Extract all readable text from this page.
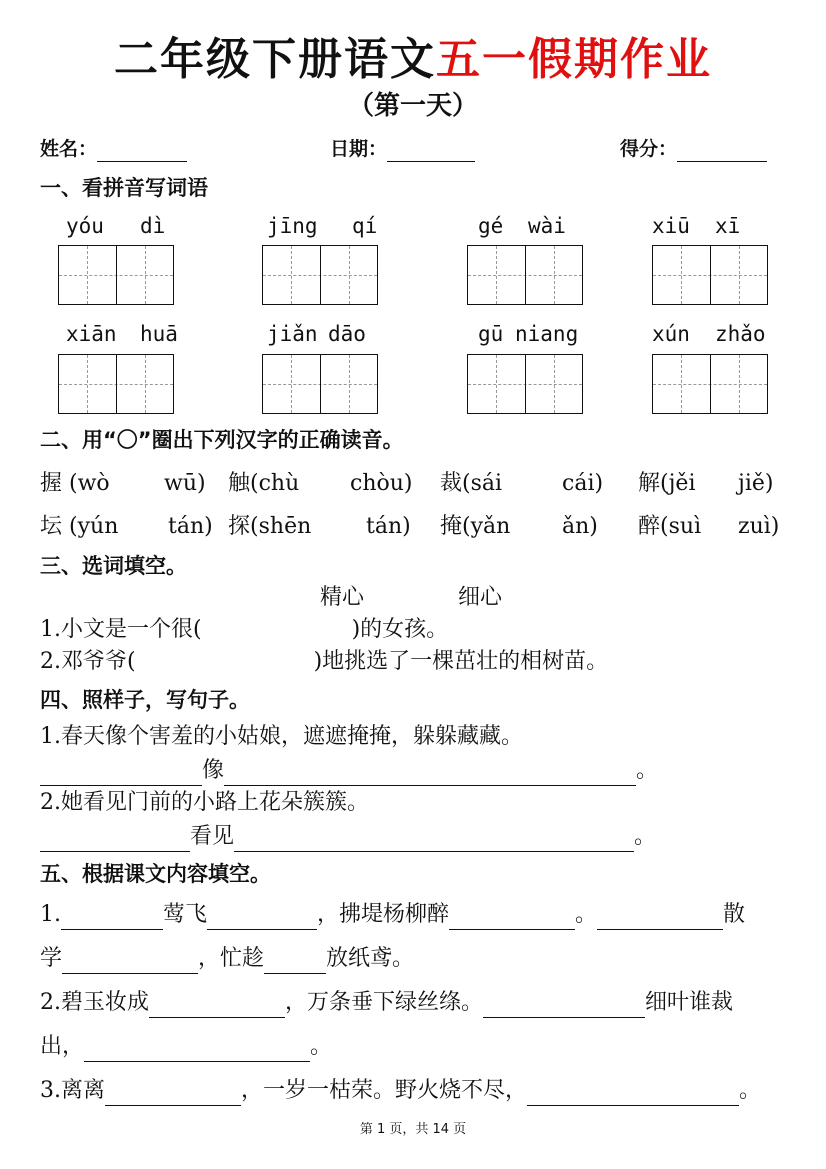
二年级下册语文五一假期作业
（第一天）
姓名：	日期：	得分：
一、看拼音写词语
yóu dì	jīng qí	gé wài	xiū xī
xiān huā	jiǎn dāo	gū niang	xún zhǎo
二、用“〇”圈出下列汉字的正确读音。
握 (wò wū) 触(chù chòu) 裁(sái	cái) 解(jěi jiě)
坛 (yún tán) 探(shēn tán) 掩(yǎn ǎn) 醉(suì zuì)
三、选词填空。
精心	细心
1.小文是一个很(	)的女孩。
2.邓爷爷(	)地挑选了一棵茁壮的相树苗。
四、照样子，写句子。
1.春天像个害羞的小姑娘，遮遮掩掩，躲躲藏藏。
像	。
2.她看见门前的小路上花朵簇簇。
看见	。
五、根据课文内容填空。
1.	莺飞	，拂堤杨柳醉	。	散
学	，忙趁	放纸鸢。
2.碧玉妆成	，万条垂下绿丝绦。	细叶谁裁
出，	。
3.离离	，一岁一枯荣。野火烧不尽，	。
第 1 页，共 14 页
